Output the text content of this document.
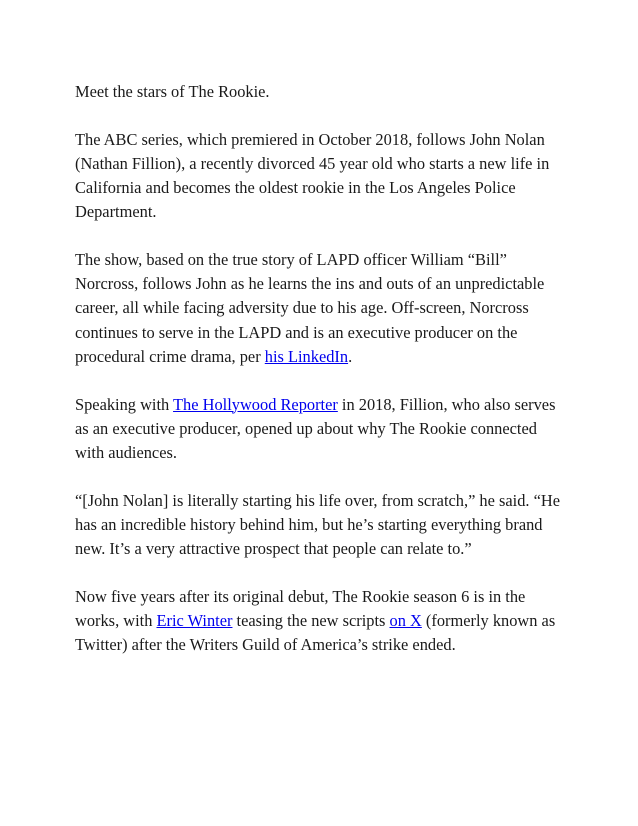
Meet the stars of The Rookie.

The ABC series, which premiered in October 2018, follows John Nolan (Nathan Fillion), a recently divorced 45 year old who starts a new life in California and becomes the oldest rookie in the Los Angeles Police Department.

The show, based on the true story of LAPD officer William “Bill” Norcross, follows John as he learns the ins and outs of an unpredictable career, all while facing adversity due to his age. Off-screen, Norcross continues to serve in the LAPD and is an executive producer on the procedural crime drama, per his LinkedIn.

Speaking with The Hollywood Reporter in 2018, Fillion, who also serves as an executive producer, opened up about why The Rookie connected with audiences.

“[John Nolan] is literally starting his life over, from scratch,” he said. “He has an incredible history behind him, but he’s starting everything brand new. It’s a very attractive prospect that people can relate to.”

Now five years after its original debut, The Rookie season 6 is in the works, with Eric Winter teasing the new scripts on X (formerly known as Twitter) after the Writers Guild of America’s strike ended.
